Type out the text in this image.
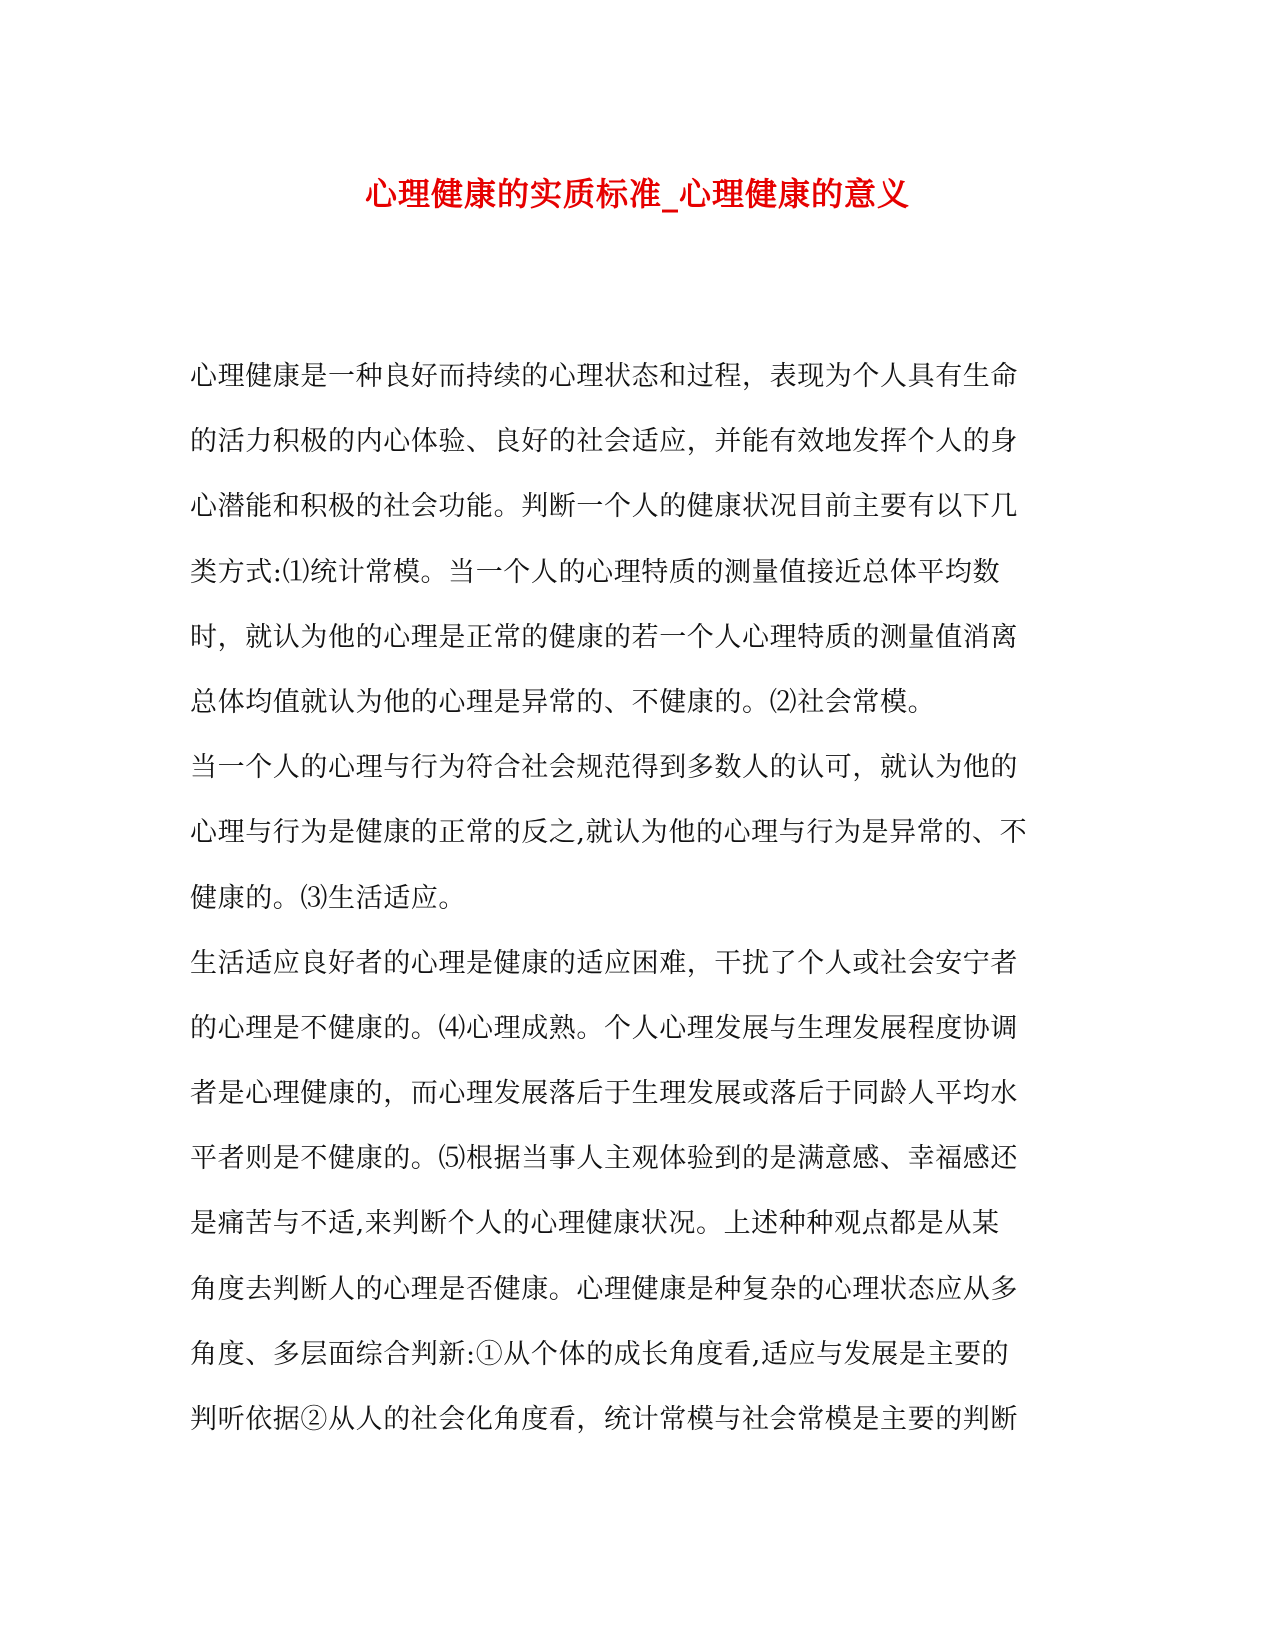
心理健康的实质标准_心理健康的意义
心理健康是一种良好而持续的心理状态和过程，表现为个人具有生命
的活力积极的内心体验、良好的社会适应，并能有效地发挥个人的身
心潜能和积极的社会功能。判断一个人的健康状况目前主要有以下几
类方式:⑴统计常模。当一个人的心理特质的测量值接近总体平均数
时，就认为他的心理是正常的健康的若一个人心理特质的测量值消离
总体均值就认为他的心理是异常的、不健康的。⑵社会常模。
当一个人的心理与行为符合社会规范得到多数人的认可，就认为他的
心理与行为是健康的正常的反之,就认为他的心理与行为是异常的、不
健康的。⑶生活适应。
生活适应良好者的心理是健康的适应困难，干扰了个人或社会安宁者
的心理是不健康的。⑷心理成熟。个人心理发展与生理发展程度协调
者是心理健康的，而心理发展落后于生理发展或落后于同龄人平均水
平者则是不健康的。⑸根据当事人主观体验到的是满意感、幸福感还
是痛苦与不适,来判断个人的心理健康状况。上述种种观点都是从某
角度去判断人的心理是否健康。心理健康是种复杂的心理状态应从多
角度、多层面综合判新:①从个体的成长角度看,适应与发展是主要的
判听依据②从人的社会化角度看，统计常模与社会常模是主要的判断
